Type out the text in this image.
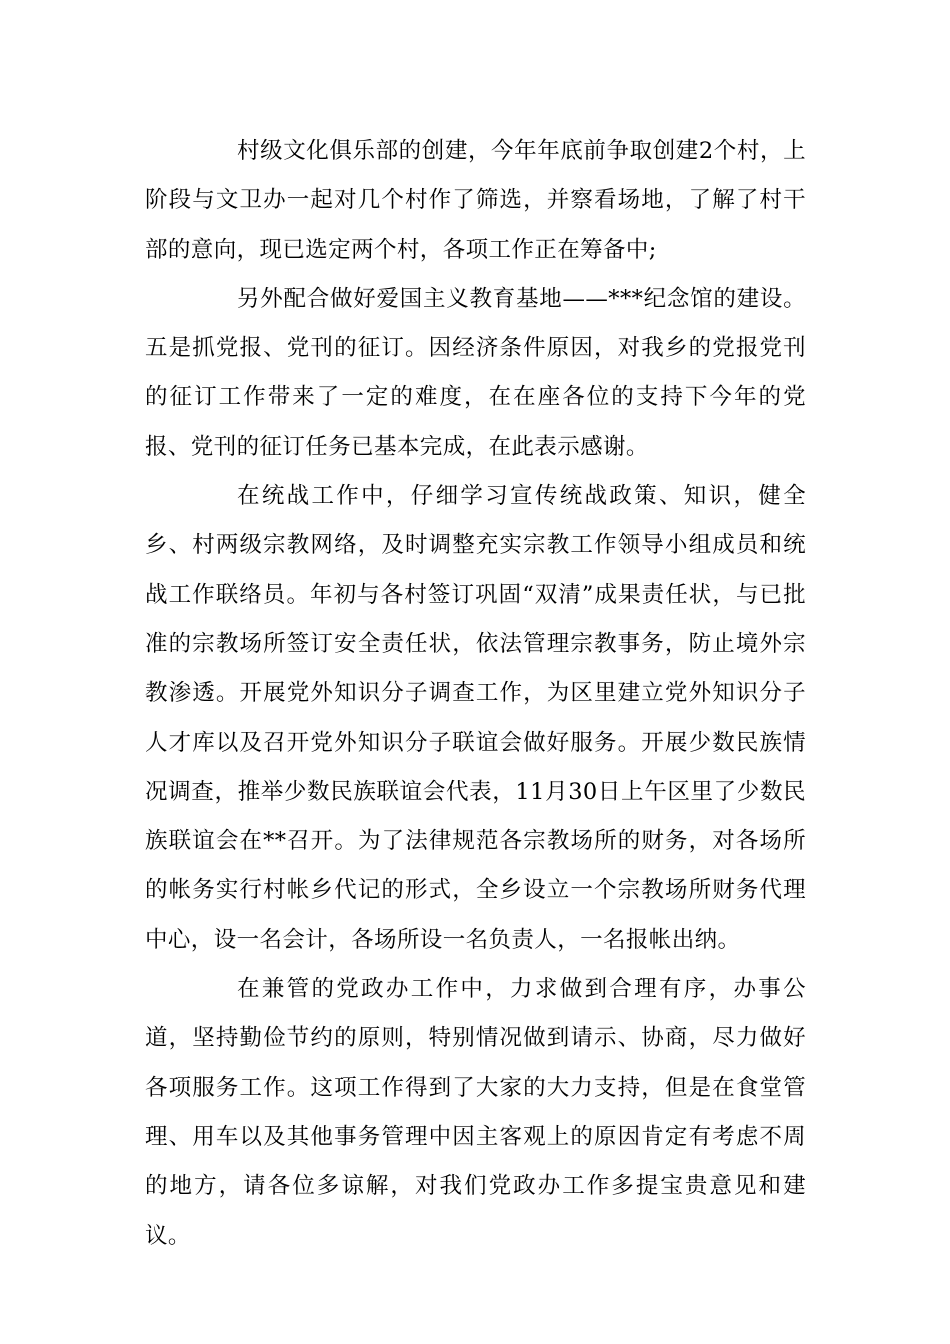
村级文化俱乐部的创建，今年年底前争取创建2个村，上阶段与文卫办一起对几个村作了筛选，并察看场地，了解了村干部的意向，现已选定两个村，各项工作正在筹备中;

另外配合做好爱国主义教育基地——***纪念馆的建设。五是抓党报、党刊的征订。因经济条件原因，对我乡的党报党刊的征订工作带来了一定的难度，在在座各位的支持下今年的党报、党刊的征订任务已基本完成，在此表示感谢。

在统战工作中，仔细学习宣传统战政策、知识，健全乡、村两级宗教网络，及时调整充实宗教工作领导小组成员和统战工作联络员。年初与各村签订巩固“双清”成果责任状，与已批准的宗教场所签订安全责任状，依法管理宗教事务，防止境外宗教渗透。开展党外知识分子调查工作，为区里建立党外知识分子人才库以及召开党外知识分子联谊会做好服务。开展少数民族情况调查，推举少数民族联谊会代表，11月30日上午区里了少数民族联谊会在**召开。为了法律规范各宗教场所的财务，对各场所的帐务实行村帐乡代记的形式，全乡设立一个宗教场所财务代理中心，设一名会计，各场所设一名负责人，一名报帐出纳。

在兼管的党政办工作中，力求做到合理有序，办事公道，坚持勤俭节约的原则，特别情况做到请示、协商，尽力做好各项服务工作。这项工作得到了大家的大力支持，但是在食堂管理、用车以及其他事务管理中因主客观上的原因肯定有考虑不周的地方，请各位多谅解，对我们党政办工作多提宝贵意见和建议。
